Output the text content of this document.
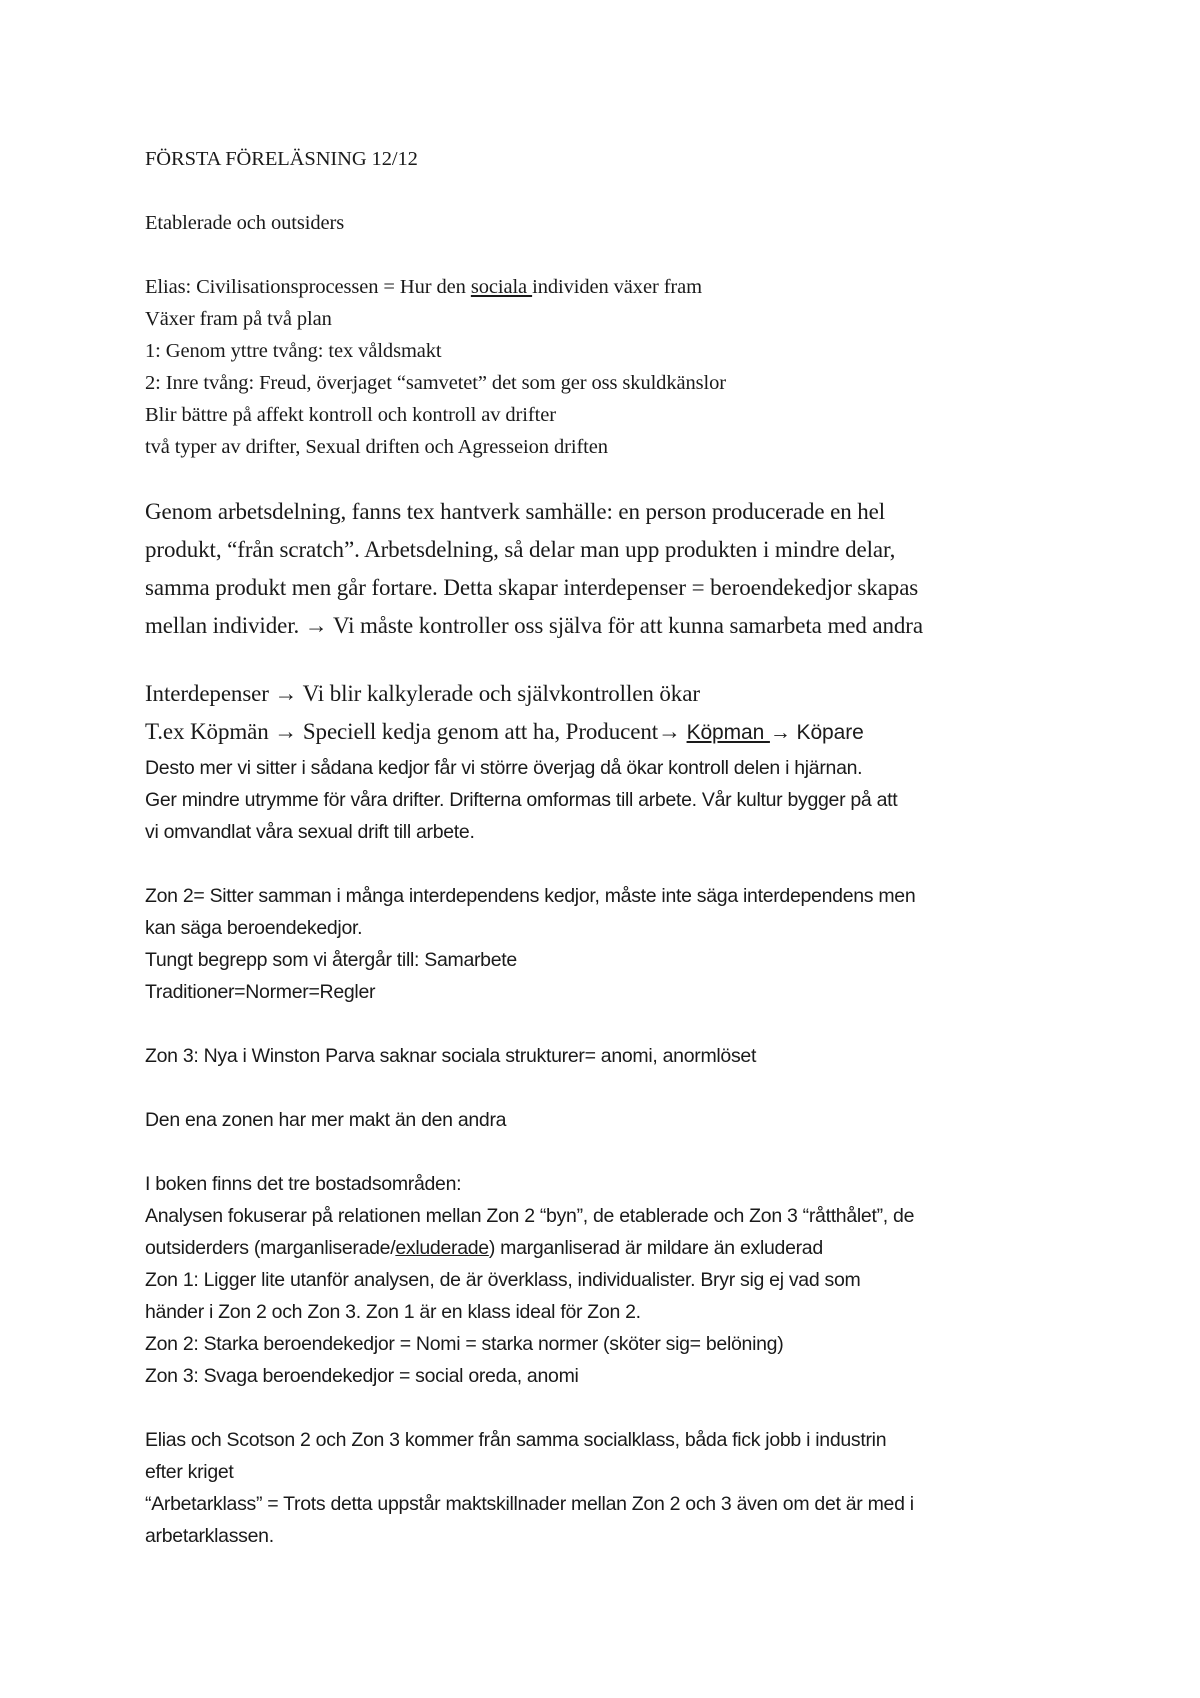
FÖRSTA FÖRELÄSNING 12/12

Etablerade och outsiders

Elias: Civilisationsprocessen = Hur den sociala individen växer fram

Växer fram på två plan

1: Genom yttre tvång: tex våldsmakt

2: Inre tvång: Freud, överjaget “samvetet” det som ger oss skuldkänslor

Blir bättre på affekt kontroll och kontroll av drifter

två typer av drifter, Sexual driften och Agresseion driften

Genom arbetsdelning, fanns tex hantverk samhälle: en person producerade en hel

produkt, “från scratch”. Arbetsdelning, så delar man upp produkten i mindre delar,

samma produkt men går fortare. Detta skapar interdepenser = beroendekedjor skapas

mellan individer. → Vi måste kontroller oss själva för att kunna samarbeta med andra

Interdepenser → Vi blir kalkylerade och självkontrollen ökar

T.ex Köpmän → Speciell kedja genom att ha, Producent→ Köpman → Köpare

Desto mer vi sitter i sådana kedjor får vi större överjag då ökar kontroll delen i hjärnan.

Ger mindre utrymme för våra drifter. Drifterna omformas till arbete. Vår kultur bygger på att

vi omvandlat våra sexual drift till arbete.

Zon 2= Sitter samman i många interdependens kedjor, måste inte säga interdependens men

kan säga beroendekedjor.

Tungt begrepp som vi återgår till: Samarbete

Traditioner=Normer=Regler

Zon 3: Nya i Winston Parva saknar sociala strukturer= anomi, anormlöset

Den ena zonen har mer makt än den andra

I boken finns det tre bostadsområden:

Analysen fokuserar på relationen mellan Zon 2 “byn”, de etablerade och Zon 3 “råtthålet”, de

outsiderders (marganliserade/exluderade) marganliserad är mildare än exluderad

Zon 1: Ligger lite utanför analysen, de är överklass, individualister. Bryr sig ej vad som

händer i Zon 2 och Zon 3. Zon 1 är en klass ideal för Zon 2.

Zon 2: Starka beroendekedjor = Nomi = starka normer (sköter sig= belöning)

Zon 3: Svaga beroendekedjor = social oreda, anomi

Elias och Scotson 2 och Zon 3 kommer från samma socialklass, båda fick jobb i industrin

efter kriget

“Arbetarklass” = Trots detta uppstår maktskillnader mellan Zon 2 och 3 även om det är med i

arbetarklassen.
